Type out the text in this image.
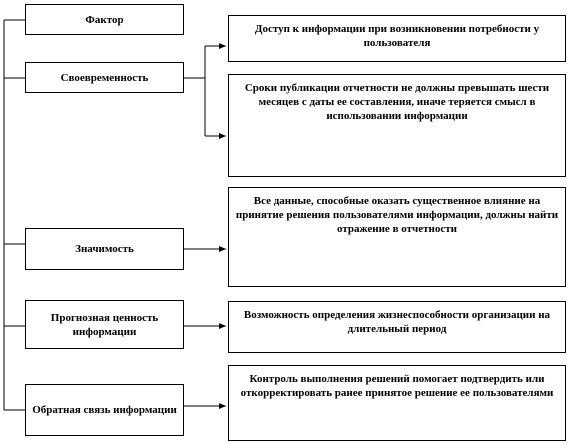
Фактор
Своевременность
Значимость
Прогнозная ценность информации
Обратная связь информации
Доступ к информации при возникновении потребности у пользователя
Сроки публикации отчетности не должны превышать шести месяцев с даты ее составления, иначе теряется смысл в использовании информации
Все данные, способные оказать существенное влияние на принятие решения пользователями информации, должны найти отражение в отчетности
Возможность определения жизнеспособности организации на длительный период
Контроль выполнения решений помогает подтвердить или откорректировать ранее принятое решение ее пользователями
